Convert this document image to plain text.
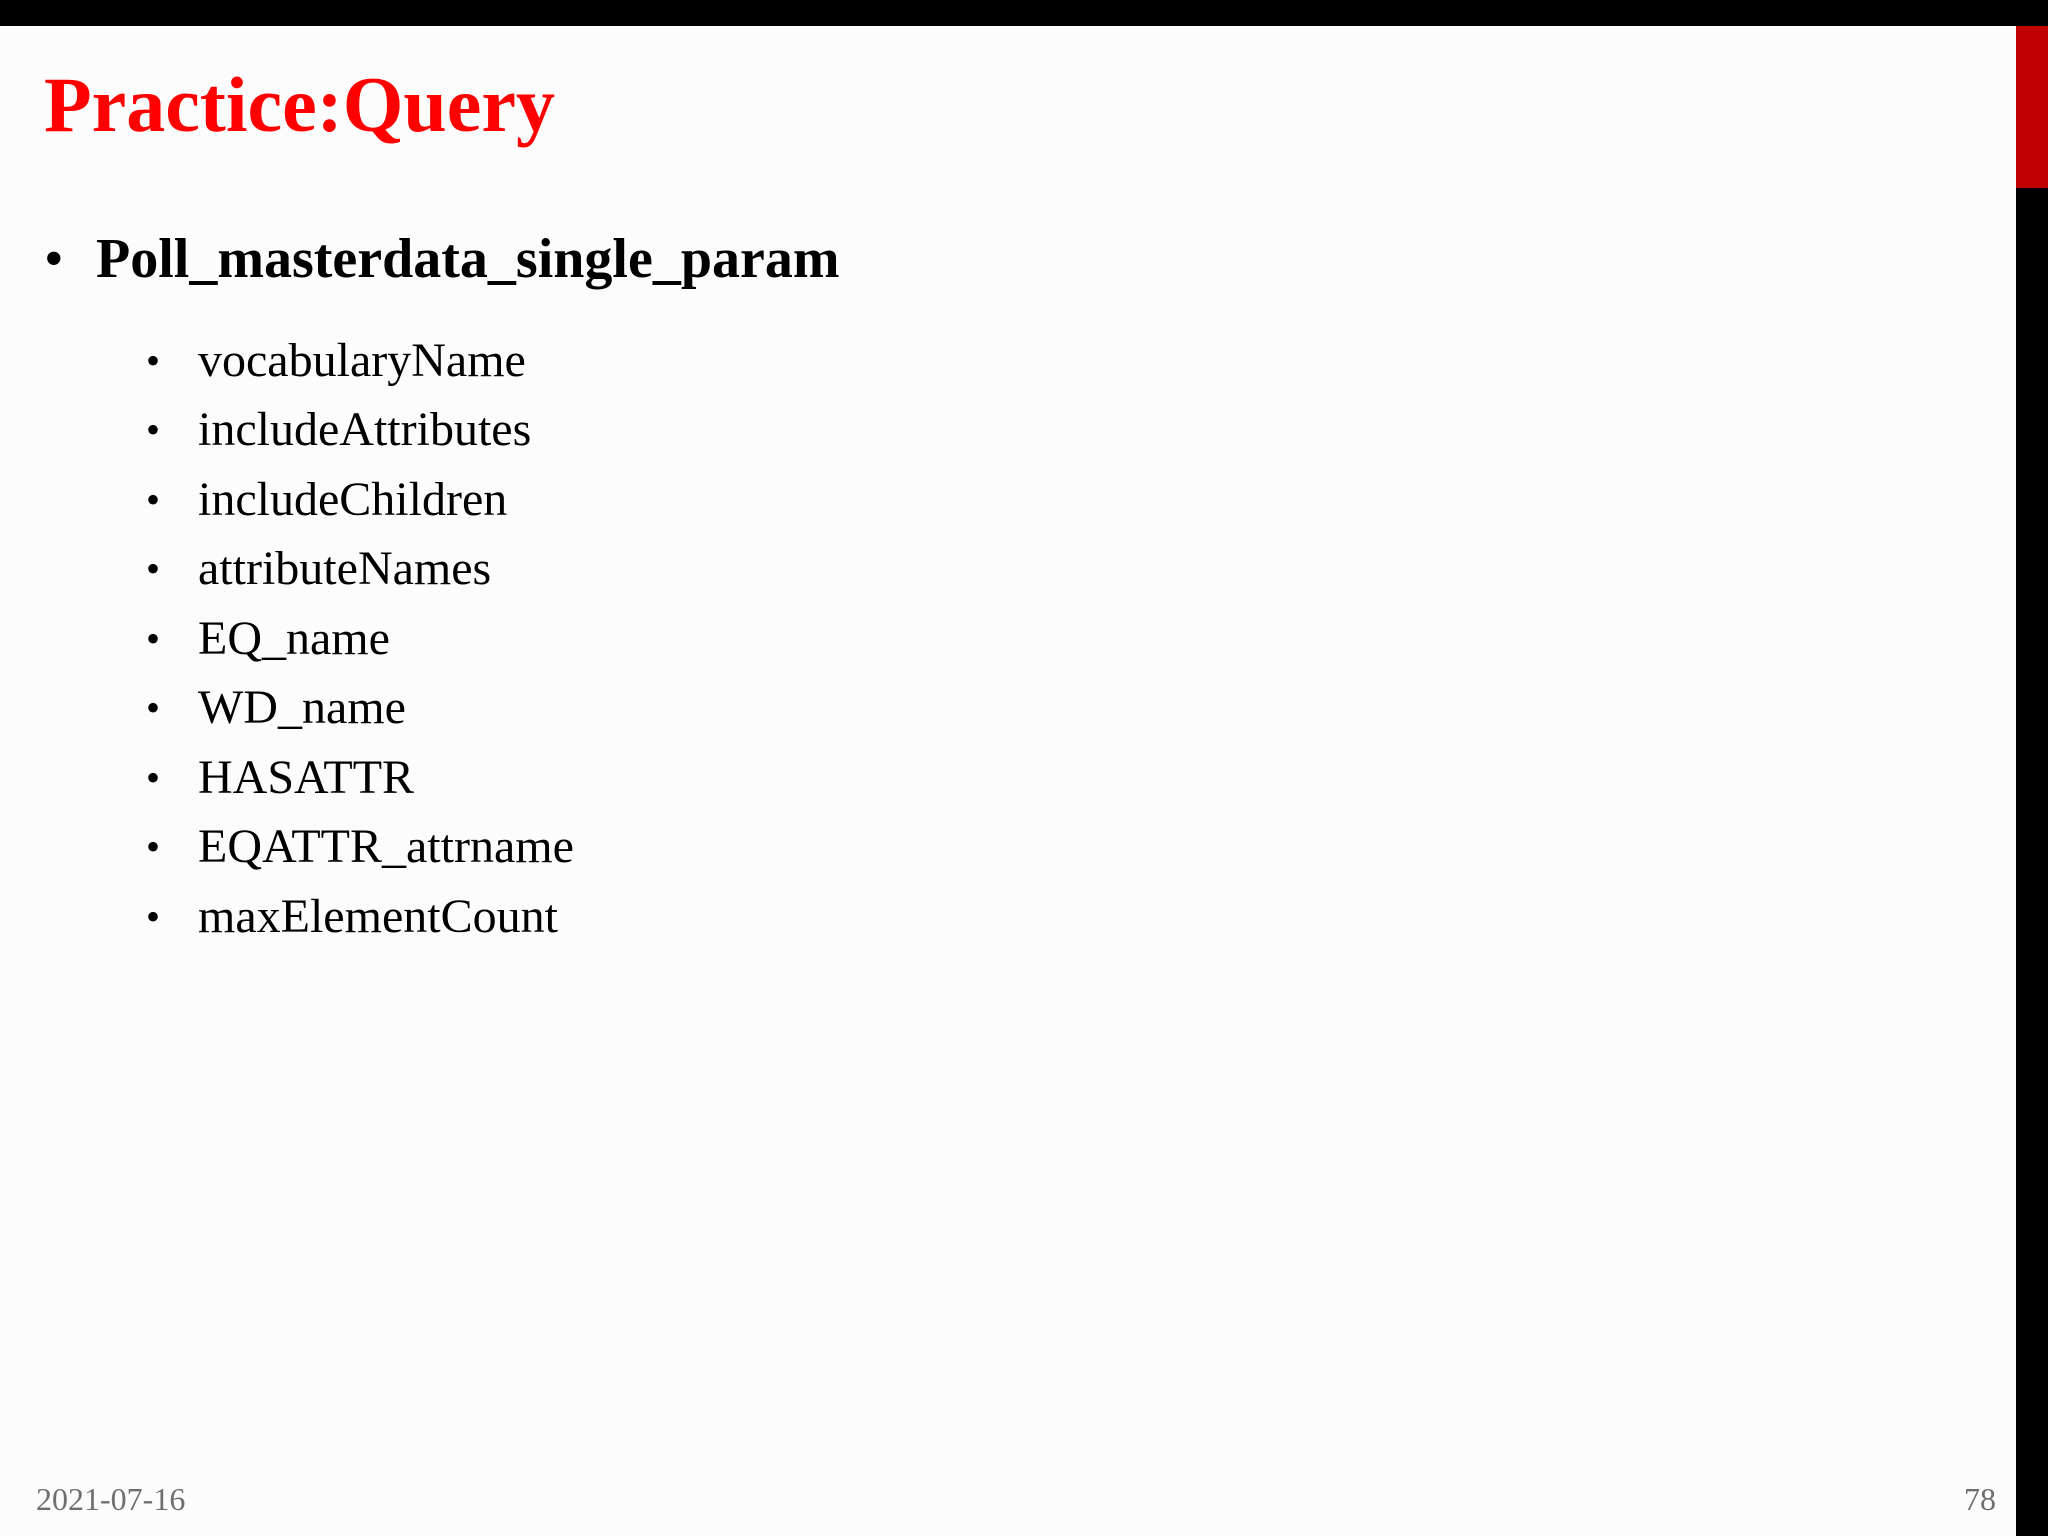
Practice:Query
• Poll_masterdata_single_param
• vocabularyName
• includeAttributes
• includeChildren
• attributeNames
• EQ_name
• WD_name
• HASATTR
• EQATTR_attrname
• maxElementCount
2021-07-16	78
